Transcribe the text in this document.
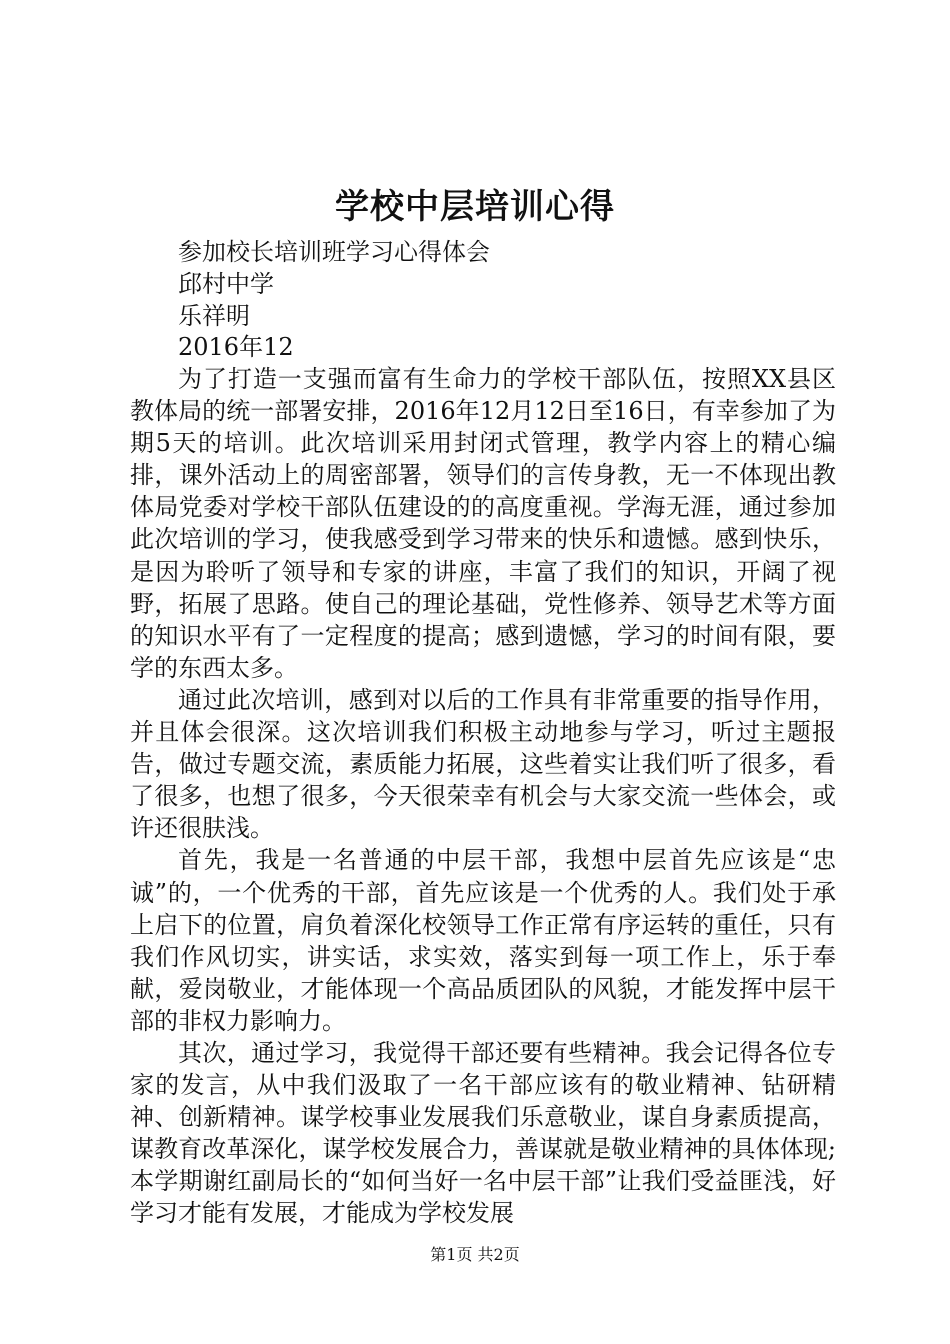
学校中层培训心得
参加校长培训班学习心得体会
邱村中学
乐祥明
2016年12

为了打造一支强而富有生命力的学校干部队伍，按照XX县区教体局的统一部署安排，2016年12月12日至16日，有幸参加了为期5天的培训。此次培训采用封闭式管理，教学内容上的精心编排，课外活动上的周密部署，领导们的言传身教，无一不体现出教体局党委对学校干部队伍建设的的高度重视。学海无涯，通过参加此次培训的学习，使我感受到学习带来的快乐和遗憾。感到快乐，是因为聆听了领导和专家的讲座，丰富了我们的知识，开阔了视野，拓展了思路。使自己的理论基础，党性修养、领导艺术等方面的知识水平有了一定程度的提高；感到遗憾，学习的时间有限，要学的东西太多。

通过此次培训，感到对以后的工作具有非常重要的指导作用，并且体会很深。这次培训我们积极主动地参与学习，听过主题报告，做过专题交流，素质能力拓展，这些着实让我们听了很多，看了很多，也想了很多，今天很荣幸有机会与大家交流一些体会，或许还很肤浅。

首先，我是一名普通的中层干部，我想中层首先应该是“忠诚”的，一个优秀的干部，首先应该是一个优秀的人。我们处于承上启下的位置，肩负着深化校领导工作正常有序运转的重任，只有我们作风切实，讲实话，求实效，落实到每一项工作上，乐于奉献，爱岗敬业，才能体现一个高品质团队的风貌，才能发挥中层干部的非权力影响力。

其次，通过学习，我觉得干部还要有些精神。我会记得各位专家的发言，从中我们汲取了一名干部应该有的敬业精神、钻研精神、创新精神。谋学校事业发展我们乐意敬业，谋自身素质提高，谋教育改革深化，谋学校发展合力，善谋就是敬业精神的具体体现;本学期谢红副局长的“如何当好一名中层干部”让我们受益匪浅，好学习才能有发展，才能成为学校发展

第1页 共2页
